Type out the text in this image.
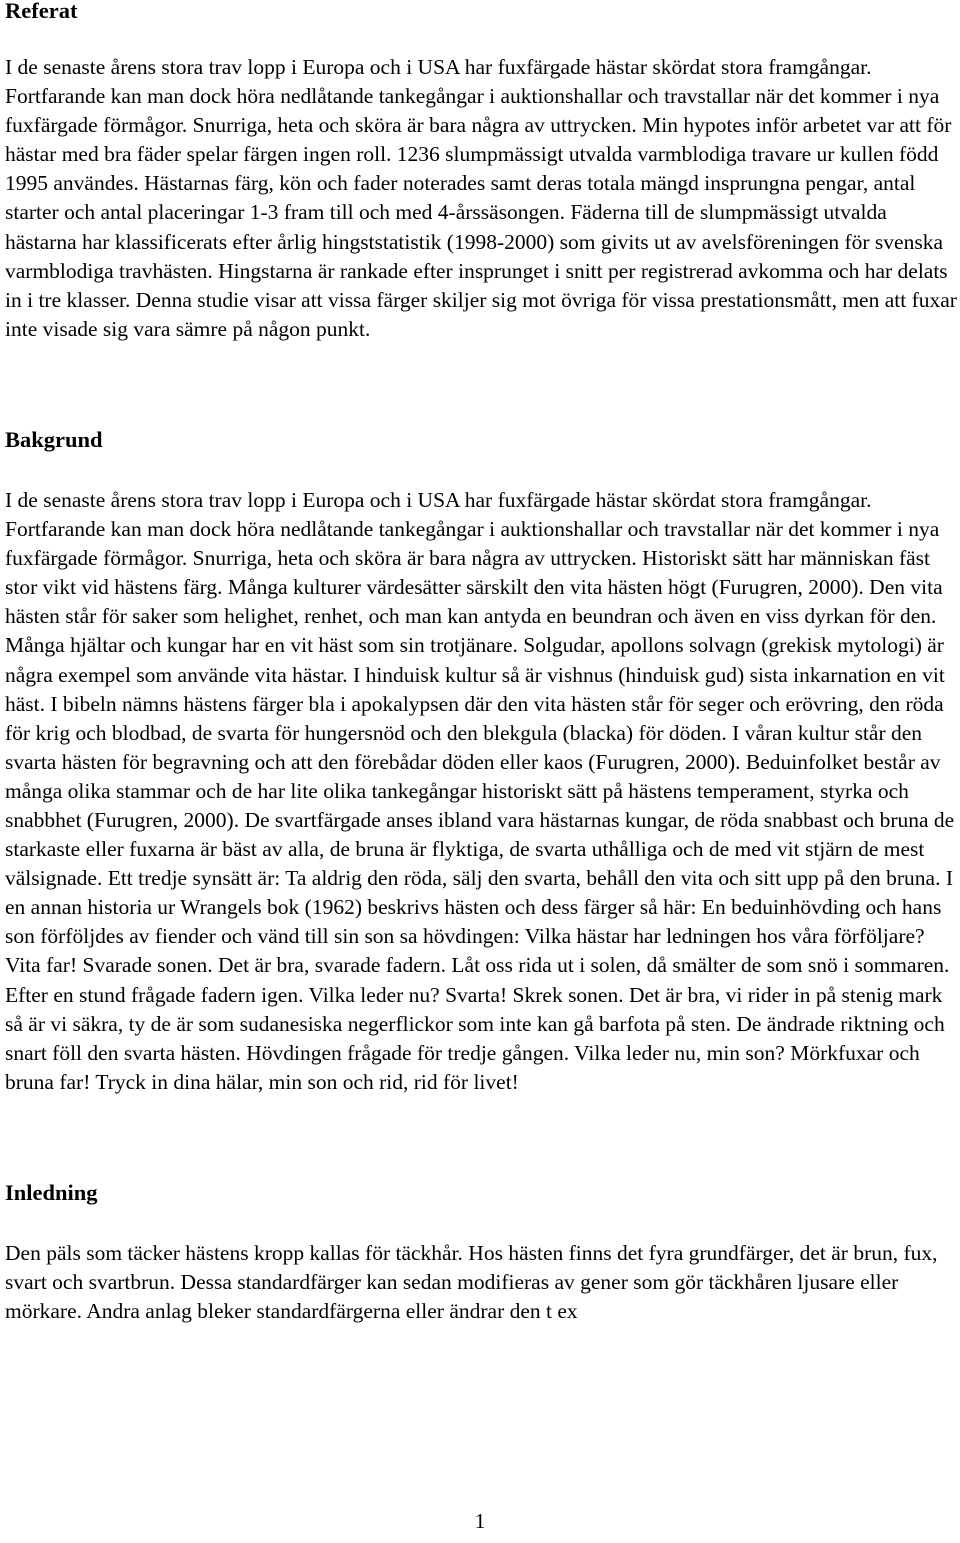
Referat

I de senaste årens stora trav lopp i Europa och i USA har fuxfärgade hästar skördat stora framgångar. Fortfarande kan man dock höra nedlåtande tankegångar i auktionshallar och travstallar när det kommer i nya fuxfärgade förmågor. Snurriga, heta och sköra är bara några av uttrycken. Min hypotes inför arbetet var att för hästar med bra fäder spelar färgen ingen roll. 1236 slumpmässigt utvalda varmblodiga travare ur kullen född 1995 användes. Hästarnas färg, kön och fader noterades samt deras totala mängd insprungna pengar, antal starter och antal placeringar 1-3 fram till och med 4-årssäsongen. Fäderna till de slumpmässigt utvalda hästarna har klassificerats efter årlig hingststatistik (1998-2000) som givits ut av avelsföreningen för svenska varmblodiga travhästen. Hingstarna är rankade efter insprunget i snitt per registrerad avkomma och har delats in i tre klasser. Denna studie visar att vissa färger skiljer sig mot övriga för vissa prestationsmått, men att fuxar inte visade sig vara sämre på någon punkt.

Bakgrund

I de senaste årens stora trav lopp i Europa och i USA har fuxfärgade hästar skördat stora framgångar. Fortfarande kan man dock höra nedlåtande tankegångar i auktionshallar och travstallar när det kommer i nya fuxfärgade förmågor. Snurriga, heta och sköra är bara några av uttrycken. Historiskt sätt har människan fäst stor vikt vid hästens färg. Många kulturer värdesätter särskilt den vita hästen högt (Furugren, 2000). Den vita hästen står för saker som helighet, renhet, och man kan antyda en beundran och även en viss dyrkan för den. Många hjältar och kungar har en vit häst som sin trotjänare. Solgudar, apollons solvagn (grekisk mytologi) är några exempel som använde vita hästar. I hinduisk kultur så är vishnus (hinduisk gud) sista inkarnation en vit häst. I bibeln nämns hästens färger bla i apokalypsen där den vita hästen står för seger och erövring, den röda för krig och blodbad, de svarta för hungersnöd och den blekgula (blacka) för döden. I våran kultur står den svarta hästen för begravning och att den förebådar döden eller kaos (Furugren, 2000). Beduinfolket består av många olika stammar och de har lite olika tankegångar historiskt sätt på hästens temperament, styrka och snabbhet (Furugren, 2000). De svartfärgade anses ibland vara hästarnas kungar, de röda snabbast och bruna de starkaste eller fuxarna är bäst av alla, de bruna är flyktiga, de svarta uthålliga och de med vit stjärn de mest välsignade. Ett tredje synsätt är: Ta aldrig den röda, sälj den svarta, behåll den vita och sitt upp på den bruna. I en annan historia ur Wrangels bok (1962) beskrivs hästen och dess färger så här: En beduinhövding och hans son förföljdes av fiender och vänd till sin son sa hövdingen: Vilka hästar har ledningen hos våra förföljare? Vita far! Svarade sonen. Det är bra, svarade fadern. Låt oss rida ut i solen, då smälter de som snö i sommaren. Efter en stund frågade fadern igen. Vilka leder nu? Svarta! Skrek sonen. Det är bra, vi rider in på stenig mark så är vi säkra, ty de är som sudanesiska negerflickor som inte kan gå barfota på sten. De ändrade riktning och snart föll den svarta hästen. Hövdingen frågade för tredje gången. Vilka leder nu, min son? Mörkfuxar och bruna far! Tryck in dina hälar, min son och rid, rid för livet!

Inledning

Den päls som täcker hästens kropp kallas för täckhår. Hos hästen finns det fyra grundfärger, det är brun, fux, svart och svartbrun. Dessa standardfärger kan sedan modifieras av gener som gör täckhåren ljusare eller mörkare. Andra anlag bleker standardfärgerna eller ändrar den t ex

1
